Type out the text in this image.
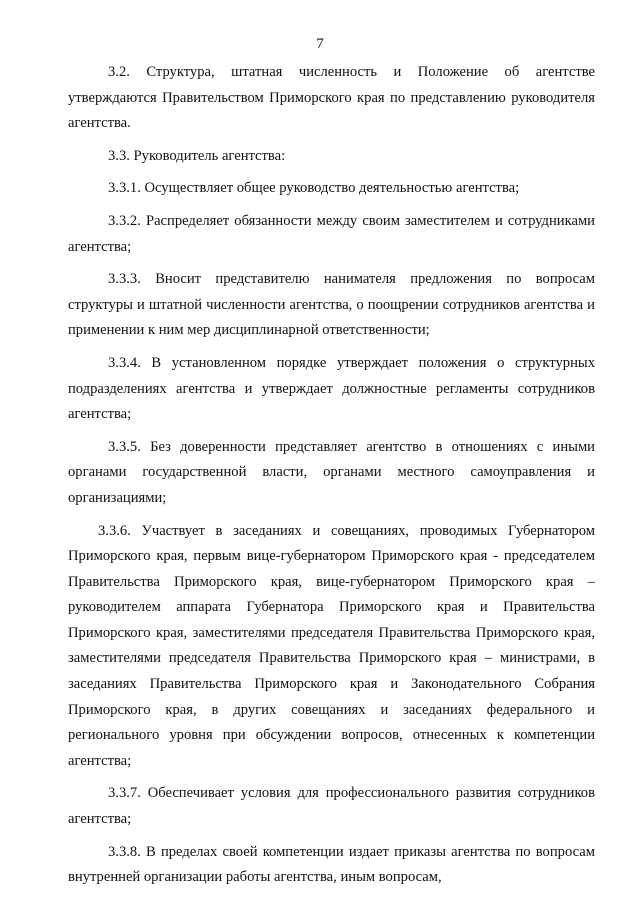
7

3.2. Структура, штатная численность и Положение об агентстве утверждаются Правительством Приморского края по представлению руководителя агентства.

3.3. Руководитель агентства:

3.3.1. Осуществляет общее руководство деятельностью агентства;

3.3.2. Распределяет обязанности между своим заместителем и сотрудниками агентства;

3.3.3. Вносит представителю нанимателя предложения по вопросам структуры и штатной численности агентства, о поощрении сотрудников агентства и применении к ним мер дисциплинарной ответственности;

3.3.4. В установленном порядке утверждает положения о структурных подразделениях агентства и утверждает должностные регламенты сотрудников агентства;

3.3.5. Без доверенности представляет агентство в отношениях с иными органами государственной власти, органами местного самоуправления и организациями;

3.3.6. Участвует в заседаниях и совещаниях, проводимых Губернатором Приморского края, первым вице-губернатором Приморского края - председателем Правительства Приморского края, вице-губернатором Приморского края – руководителем аппарата Губернатора Приморского края и Правительства Приморского края, заместителями председателя Правительства Приморского края, заместителями председателя Правительства Приморского края – министрами, в заседаниях Правительства Приморского края и Законодательного Собрания Приморского края, в других совещаниях и заседаниях федерального и регионального уровня при обсуждении вопросов, отнесенных к компетенции агентства;

3.3.7. Обеспечивает условия для профессионального развития сотрудников агентства;

3.3.8. В пределах своей компетенции издает приказы агентства по вопросам внутренней организации работы агентства, иным вопросам,
